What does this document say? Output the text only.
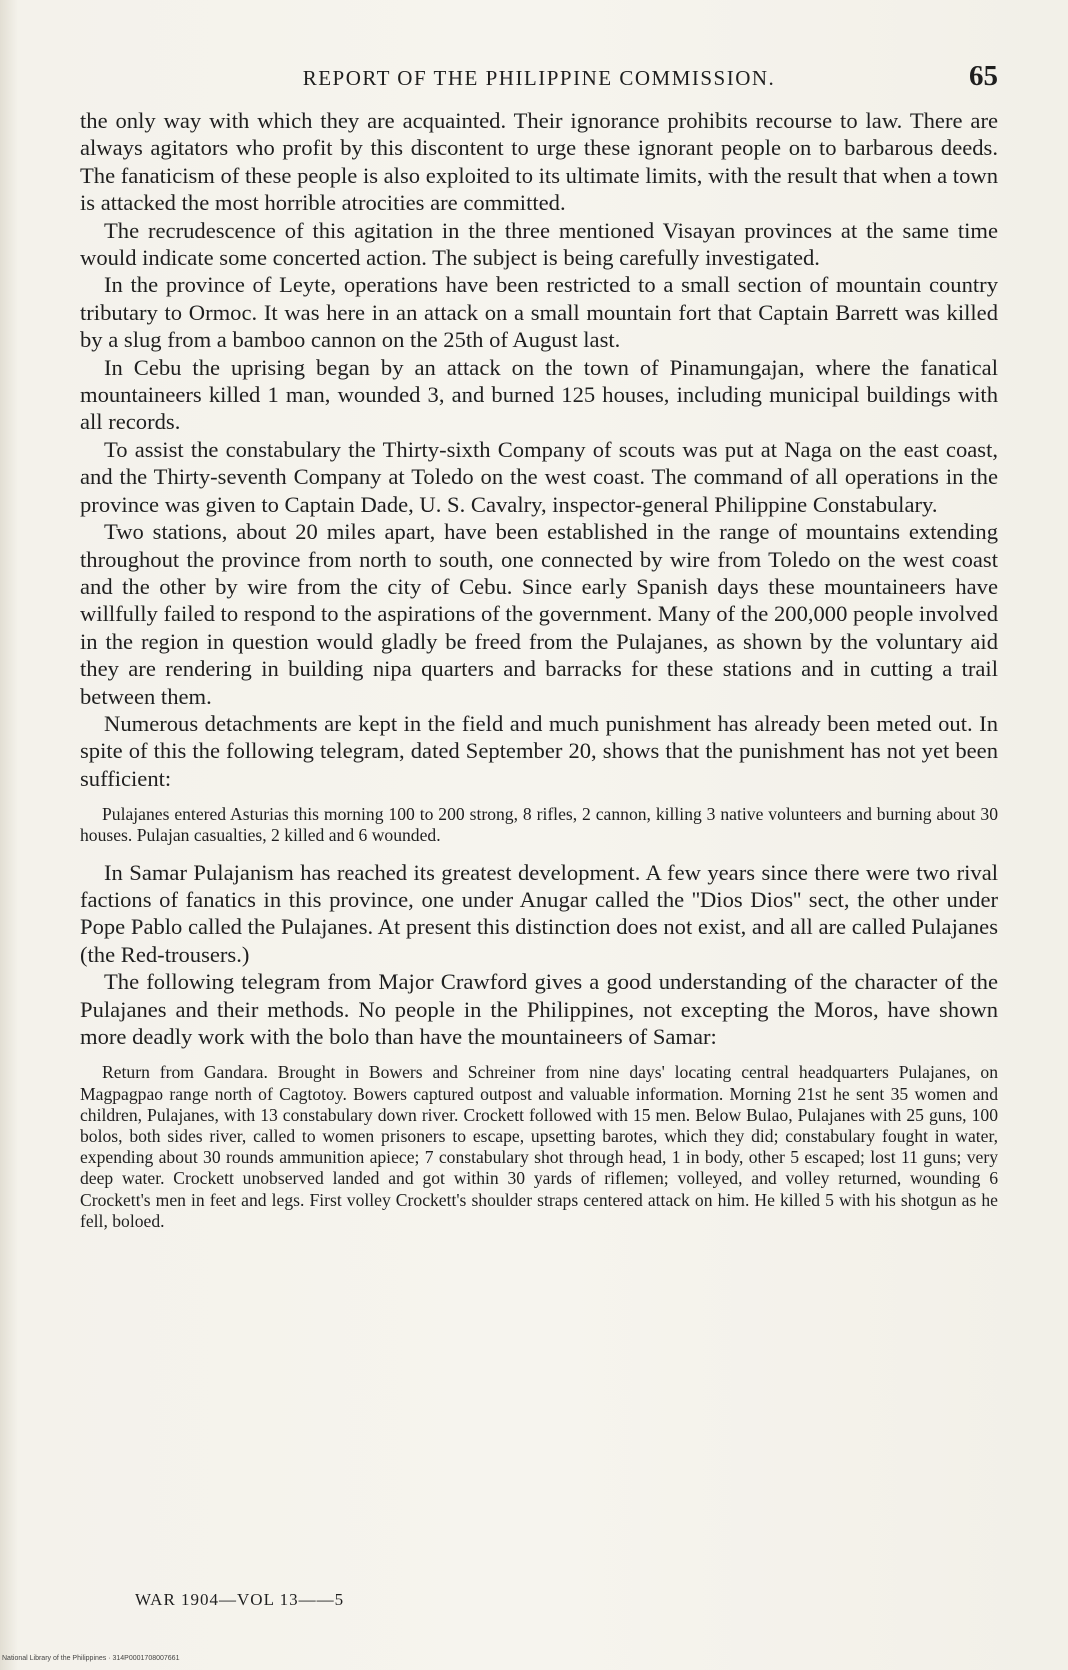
REPORT OF THE PHILIPPINE COMMISSION.	65

the only way with which they are acquainted. Their ignorance prohibits recourse to law. There are always agitators who profit by this discontent to urge these ignorant people on to barbarous deeds. The fanaticism of these people is also exploited to its ultimate limits, with the result that when a town is attacked the most horrible atrocities are committed.

The recrudescence of this agitation in the three mentioned Visayan provinces at the same time would indicate some concerted action. The subject is being carefully investigated.

In the province of Leyte, operations have been restricted to a small section of mountain country tributary to Ormoc. It was here in an attack on a small mountain fort that Captain Barrett was killed by a slug from a bamboo cannon on the 25th of August last.

In Cebu the uprising began by an attack on the town of Pinamungajan, where the fanatical mountaineers killed 1 man, wounded 3, and burned 125 houses, including municipal buildings with all records.

To assist the constabulary the Thirty-sixth Company of scouts was put at Naga on the east coast, and the Thirty-seventh Company at Toledo on the west coast. The command of all operations in the province was given to Captain Dade, U. S. Cavalry, inspector-general Philippine Constabulary.

Two stations, about 20 miles apart, have been established in the range of mountains extending throughout the province from north to south, one connected by wire from Toledo on the west coast and the other by wire from the city of Cebu. Since early Spanish days these mountaineers have willfully failed to respond to the aspirations of the government. Many of the 200,000 people involved in the region in question would gladly be freed from the Pulajanes, as shown by the voluntary aid they are rendering in building nipa quarters and barracks for these stations and in cutting a trail between them.

Numerous detachments are kept in the field and much punishment has already been meted out. In spite of this the following telegram, dated September 20, shows that the punishment has not yet been sufficient:

Pulajanes entered Asturias this morning 100 to 200 strong, 8 rifles, 2 cannon, killing 3 native volunteers and burning about 30 houses. Pulajan casualties, 2 killed and 6 wounded.

In Samar Pulajanism has reached its greatest development. A few years since there were two rival factions of fanatics in this province, one under Anugar called the ''Dios Dios'' sect, the other under Pope Pablo called the Pulajanes. At present this distinction does not exist, and all are called Pulajanes (the Red-trousers.)

The following telegram from Major Crawford gives a good understanding of the character of the Pulajanes and their methods. No people in the Philippines, not excepting the Moros, have shown more deadly work with the bolo than have the mountaineers of Samar:

Return from Gandara. Brought in Bowers and Schreiner from nine days' locating central headquarters Pulajanes, on Magpagpao range north of Cagtotoy. Bowers captured outpost and valuable information. Morning 21st he sent 35 women and children, Pulajanes, with 13 constabulary down river. Crockett followed with 15 men. Below Bulao, Pulajanes with 25 guns, 100 bolos, both sides river, called to women prisoners to escape, upsetting barotes, which they did; constabulary fought in water, expending about 30 rounds ammunition apiece; 7 constabulary shot through head, 1 in body, other 5 escaped; lost 11 guns; very deep water. Crockett unobserved landed and got within 30 yards of riflemen; volleyed, and volley returned, wounding 6 Crockett's men in feet and legs. First volley Crockett's shoulder straps centered attack on him. He killed 5 with his shotgun as he fell, boloed.

WAR 1904—VOL 13——5
National Library of the Philippines · 314P0001708007661
